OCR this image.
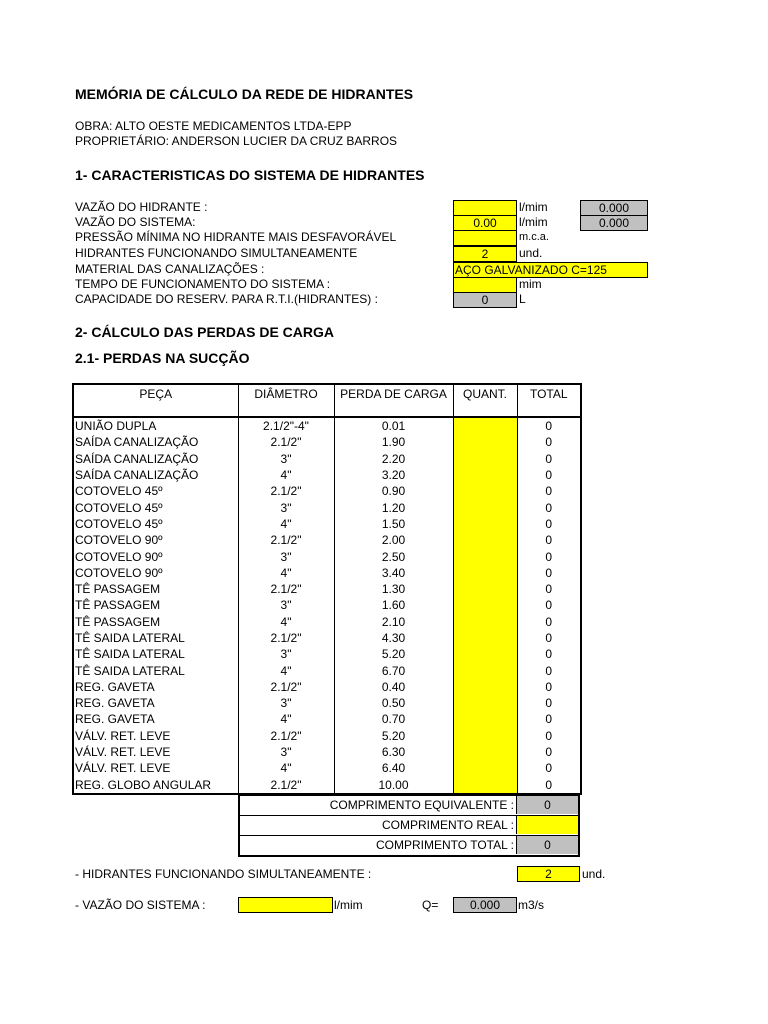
MEMÓRIA DE CÁLCULO DA REDE DE HIDRANTES
OBRA: ALTO OESTE MEDICAMENTOS LTDA-EPP
PROPRIETÁRIO: ANDERSON LUCIER DA CRUZ BARROS
1- CARACTERISTICAS DO SISTEMA DE HIDRANTES
VAZÃO DO HIDRANTE :	l/mim	0.000
VAZÃO DO SISTEMA:	0.00	l/mim	0.000
PRESSÃO MÍNIMA NO HIDRANTE MAIS DESFAVORÁVEL	m.c.a.
HIDRANTES FUNCIONANDO SIMULTANEAMENTE	2	und.
MATERIAL DAS CANALIZAÇÕES :	AÇO GALVANIZADO C=125
TEMPO DE FUNCIONAMENTO DO SISTEMA :	mim
CAPACIDADE DO RESERV. PARA R.T.I.(HIDRANTES) :	0	L
2- CÁLCULO DAS PERDAS DE CARGA
2.1- PERDAS NA SUCÇÃO
PEÇA	DIÂMETRO	PERDA DE CARGA	QUANT.	TOTAL
UNIÃO DUPLA	2.1/2"-4"	0.01		0
SAÍDA CANALIZAÇÃO	2.1/2"	1.90		0
SAÍDA CANALIZAÇÃO	3"	2.20		0
SAÍDA CANALIZAÇÃO	4"	3.20		0
COTOVELO 45º	2.1/2"	0.90		0
COTOVELO 45º	3"	1.20		0
COTOVELO 45º	4"	1.50		0
COTOVELO 90º	2.1/2"	2.00		0
COTOVELO 90º	3"	2.50		0
COTOVELO 90º	4"	3.40		0
TÊ PASSAGEM	2.1/2"	1.30		0
TÊ PASSAGEM	3"	1.60		0
TÊ PASSAGEM	4"	2.10		0
TÊ SAIDA LATERAL	2.1/2"	4.30		0
TÊ SAIDA LATERAL	3"	5.20		0
TÊ SAIDA LATERAL	4"	6.70		0
REG. GAVETA	2.1/2"	0.40		0
REG. GAVETA	3"	0.50		0
REG. GAVETA	4"	0.70		0
VÁLV. RET. LEVE	2.1/2"	5.20		0
VÁLV. RET. LEVE	3"	6.30		0
VÁLV. RET. LEVE	4"	6.40		0
REG. GLOBO ANGULAR	2.1/2"	10.00		0
COMPRIMENTO EQUIVALENTE :	0
COMPRIMENTO REAL :
COMPRIMENTO TOTAL :	0
- HIDRANTES FUNCIONANDO SIMULTANEAMENTE :	2	und.
- VAZÃO DO SISTEMA :	l/mim	Q=	0.000	m3/s
